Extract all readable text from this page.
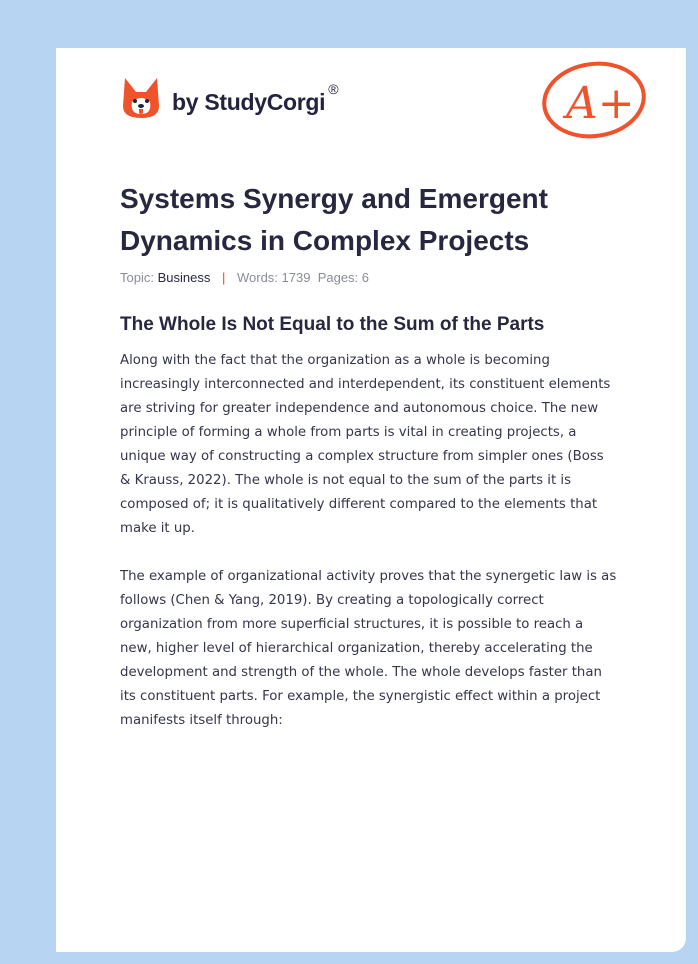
by StudyCorgi ®	A+
Systems Synergy and Emergent Dynamics in Complex Projects
Topic: Business | Words: 1739 Pages: 6
The Whole Is Not Equal to the Sum of the Parts

Along with the fact that the organization as a whole is becoming
increasingly interconnected and interdependent, its constituent elements
are striving for greater independence and autonomous choice. The new
principle of forming a whole from parts is vital in creating projects, a
unique way of constructing a complex structure from simpler ones (Boss
& Krauss, 2022). The whole is not equal to the sum of the parts it is
composed of; it is qualitatively different compared to the elements that
make it up.

The example of organizational activity proves that the synergetic law is as
follows (Chen & Yang, 2019). By creating a topologically correct
organization from more superficial structures, it is possible to reach a
new, higher level of hierarchical organization, thereby accelerating the
development and strength of the whole. The whole develops faster than
its constituent parts. For example, the synergistic effect within a project
manifests itself through:
